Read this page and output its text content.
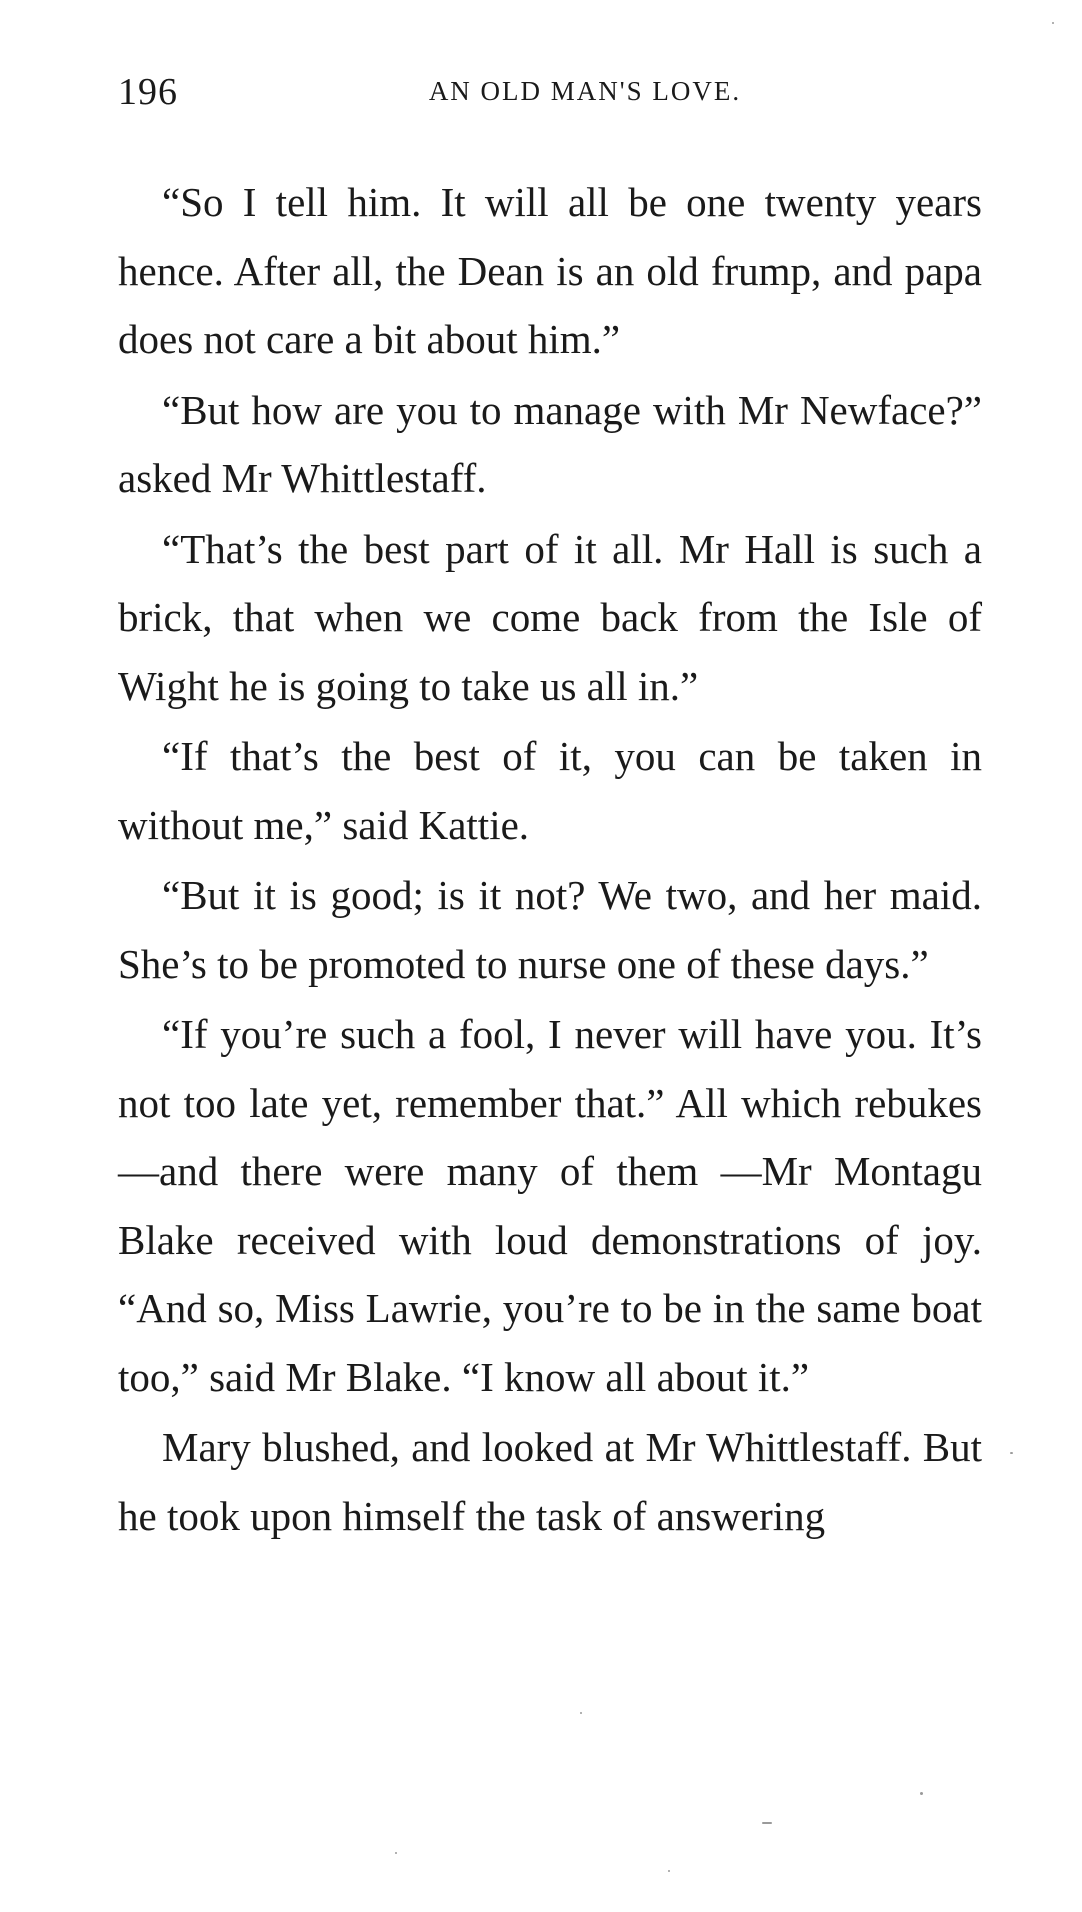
196	AN OLD MAN'S LOVE.

“So I tell him. It will all be one twenty years hence. After all, the Dean is an old frump, and papa does not care a bit about him.”

“But how are you to manage with Mr Newface?” asked Mr Whittlestaff.

“That’s the best part of it all. Mr Hall is such a brick, that when we come back from the Isle of Wight he is going to take us all in.”

“If that’s the best of it, you can be taken in without me,” said Kattie.

“But it is good; is it not? We two, and her maid. She’s to be promoted to nurse one of these days.”

“If you’re such a fool, I never will have you. It’s not too late yet, remember that.” All which rebukes—and there were many of them —Mr Montagu Blake received with loud demonstrations of joy. “And so, Miss Lawrie, you’re to be in the same boat too,” said Mr Blake. “I know all about it.”

Mary blushed, and looked at Mr Whittlestaff. But he took upon himself the task of answering
